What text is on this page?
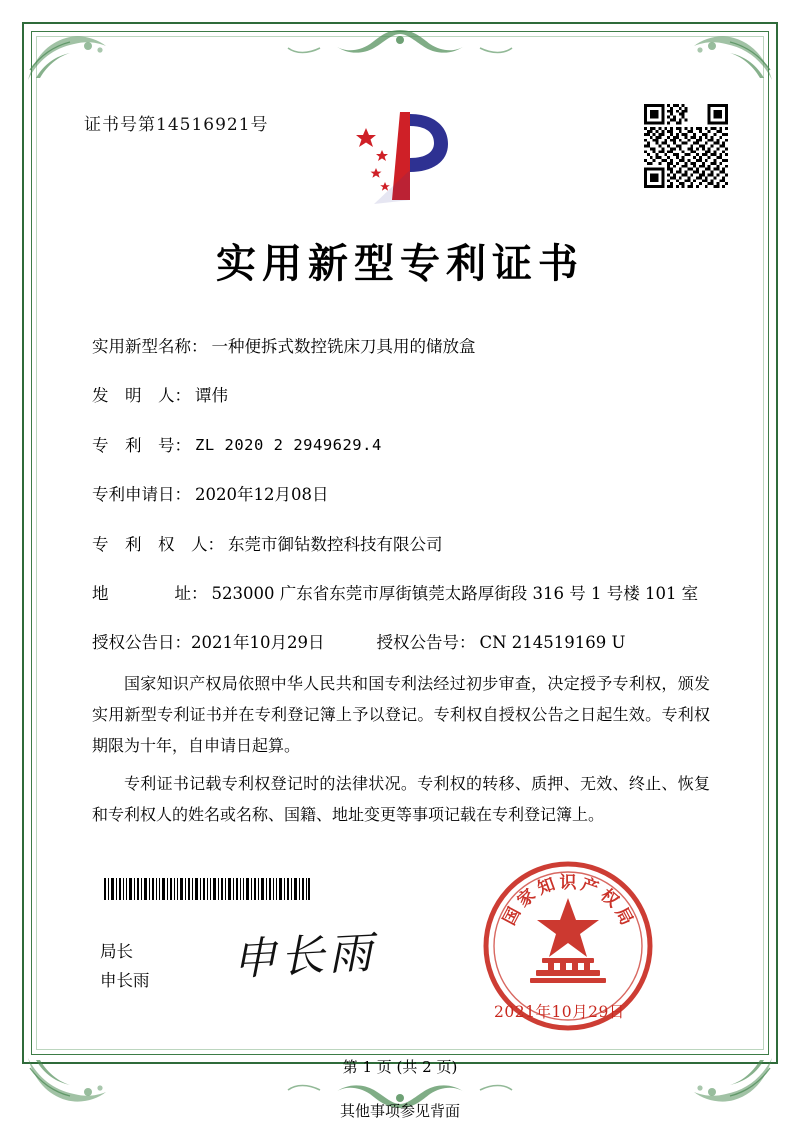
证书号第14516921号
实用新型专利证书
实用新型名称： 一种便拆式数控铣床刀具用的储放盒
发　明　人： 谭伟
专　利　号： ZL 2020 2 2949629.4
专利申请日： 2020年12月08日
专　利　权　人： 东莞市御钻数控科技有限公司
地　　　　址： 523000 广东省东莞市厚街镇莞太路厚街段 316 号 1 号楼 101 室
授权公告日： 2021年10月29日	授权公告号： CN 214519169 U

国家知识产权局依照中华人民共和国专利法经过初步审查，决定授予专利权，颁发实用新型专利证书并在专利登记簿上予以登记。专利权自授权公告之日起生效。专利权期限为十年，自申请日起算。

专利证书记载专利权登记时的法律状况。专利权的转移、质押、无效、终止、恢复和专利权人的姓名或名称、国籍、地址变更等事项记载在专利登记簿上。

局长
申长雨 申长雨
国
家
知 识 产
权
局
2021年10月29日
第 1 页 (共 2 页)
其他事项参见背面
